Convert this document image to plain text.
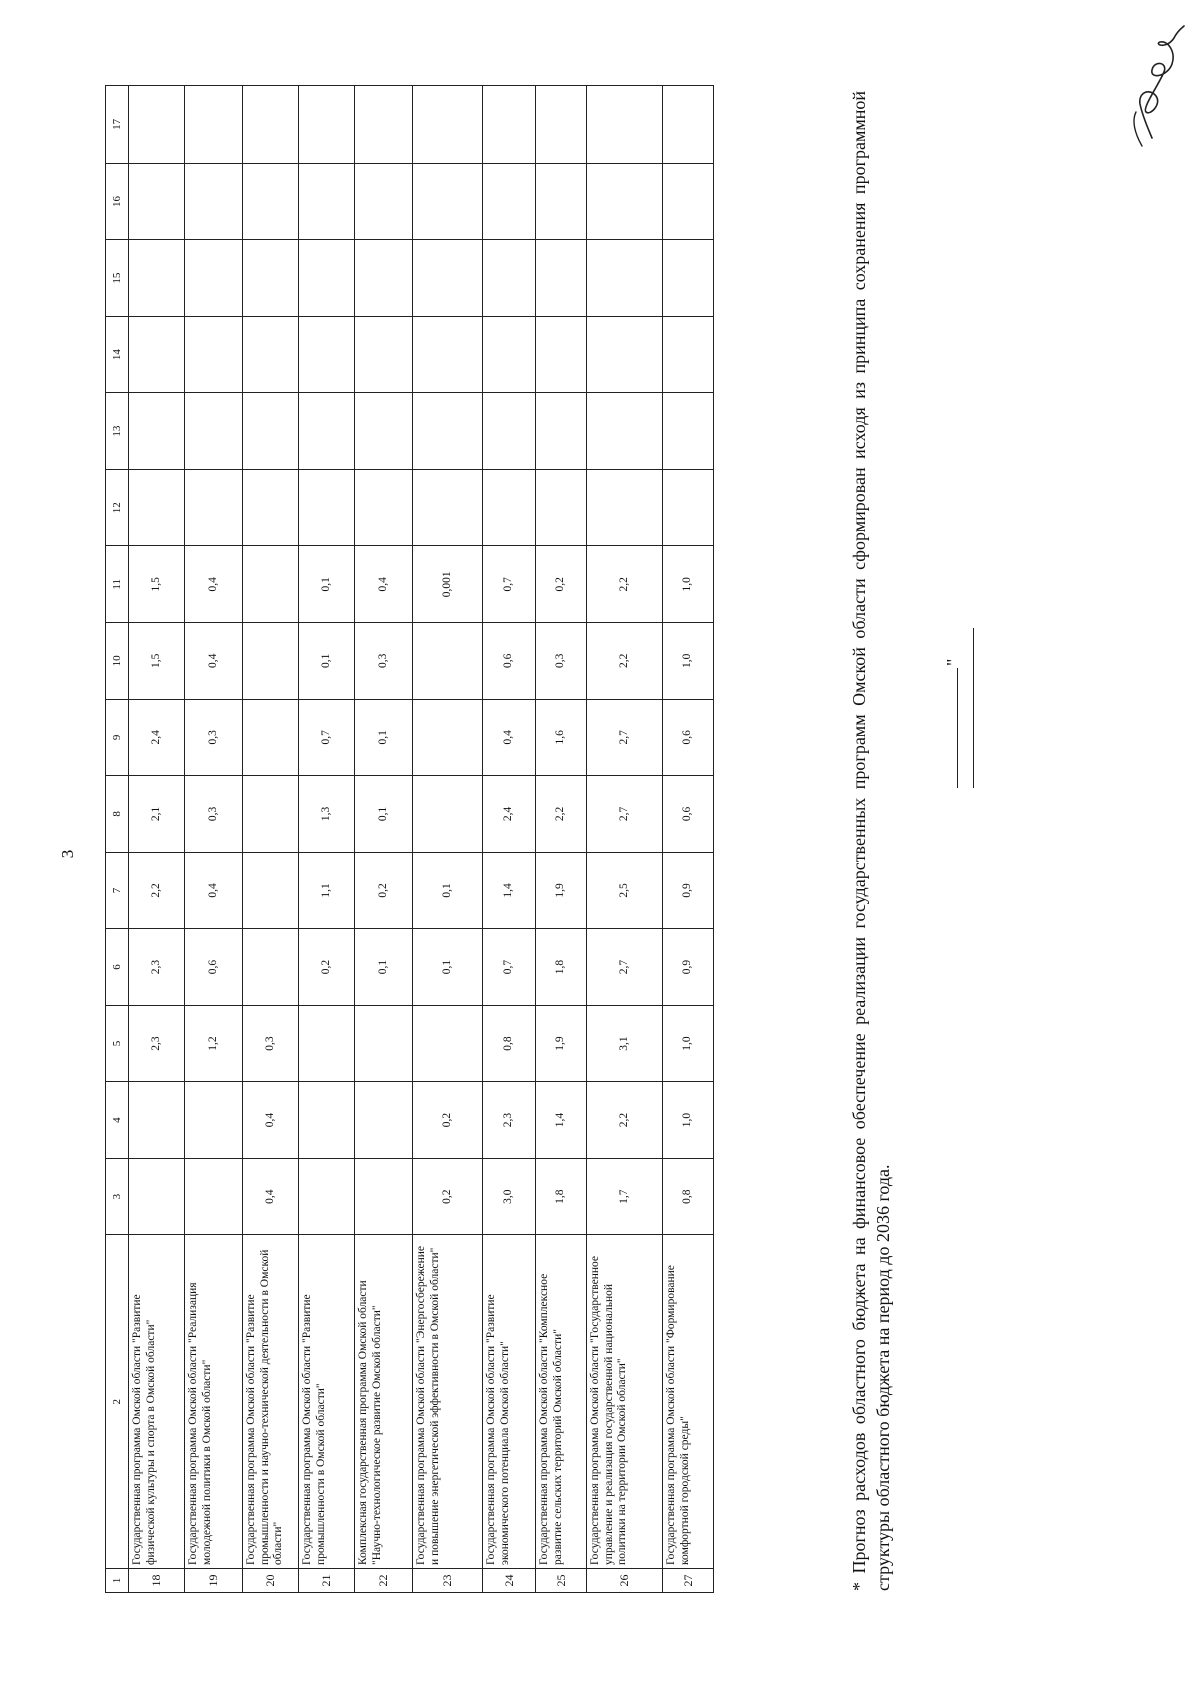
3
1	2	3	4	5	6	7	8	9	10	11	12	13	14	15	16	17
18	Государственная программа Омской области "Развитие физической культуры и спорта в Омской области"			2,3	2,3	2,2	2,1	2,4	1,5	1,5						
19	Государственная программа Омской области "Реализация молодежной политики в Омской области"			1,2	0,6	0,4	0,3	0,3	0,4	0,4						
20	Государственная программа Омской области "Развитие промышленности и научно-технической деятельности в Омской области"	0,4	0,4	0,3												
21	Государственная программа Омской области "Развитие промышленности в Омской области"				0,2	1,1	1,3	0,7	0,1	0,1						
22	Комплексная государственная программа Омской области "Научно-технологическое развитие Омской области"				0,1	0,2	0,1	0,1	0,3	0,4						
23	Государственная программа Омской области "Энергосбережение и повышение энергетической эффективности в Омской области"	0,2	0,2		0,1	0,1				0,001						
24	Государственная программа Омской области "Развитие экономического потенциала Омской области"	3,0	2,3	0,8	0,7	1,4	2,4	0,4	0,6	0,7						
25	Государственная программа Омской области "Комплексное развитие сельских территорий Омской области"	1,8	1,4	1,9	1,8	1,9	2,2	1,6	0,3	0,2						
26	Государственная программа Омской области "Государственное управление и реализация государственной национальной политики на территории Омской области"	1,7	2,2	3,1	2,7	2,5	2,7	2,7	2,2	2,2						
27	Государственная программа Омской области "Формирование комфортной городской среды"	0,8	1,0	1,0	0,9	0,9	0,6	0,6	1,0	1,0							* Прогноз расходов областного бюджета на финансовое обеспечение реализации государственных программ Омской области сформирован исходя из принципа сохранения программной структуры областного бюджета на период до 2036 года.
"
